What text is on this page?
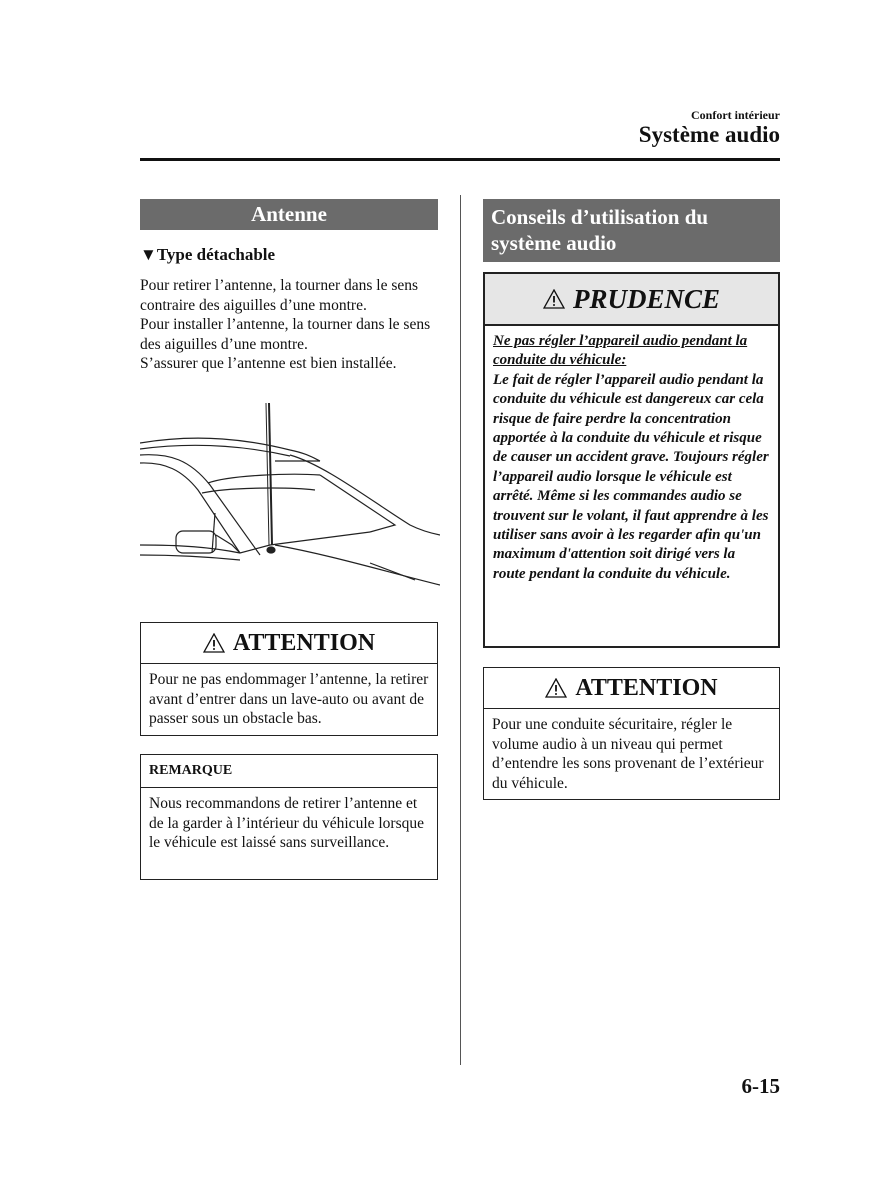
Confort intérieur
Système audio
Antenne
▼Type détachable

Pour retirer l’antenne, la tourner dans le sens contraire des aiguilles d’une montre.

Pour installer l’antenne, la tourner dans le sens des aiguilles d’une montre.

S’assurer que l’antenne est bien installée.

ATTENTION
Pour ne pas endommager l’antenne, la retirer avant d’entrer dans un lave-auto ou avant de passer sous un obstacle bas.
REMARQUE
Nous recommandons de retirer l’antenne et de la garder à l’intérieur du véhicule lorsque le véhicule est laissé sans surveillance.
Conseils d’utilisation du système audio
PRUDENCE
Ne pas régler l’appareil audio pendant la conduite du véhicule:
Le fait de régler l’appareil audio pendant la conduite du véhicule est dangereux car cela risque de faire perdre la concentration apportée à la conduite du véhicule et risque de causer un accident grave. Toujours régler l’appareil audio lorsque le véhicule est arrêté. Même si les commandes audio se trouvent sur le volant, il faut apprendre à les utiliser sans avoir à les regarder afin qu'un maximum d'attention soit dirigé vers la route pendant la conduite du véhicule.
ATTENTION
Pour une conduite sécuritaire, régler le volume audio à un niveau qui permet d’entendre les sons provenant de l’extérieur du véhicule.
6-15
